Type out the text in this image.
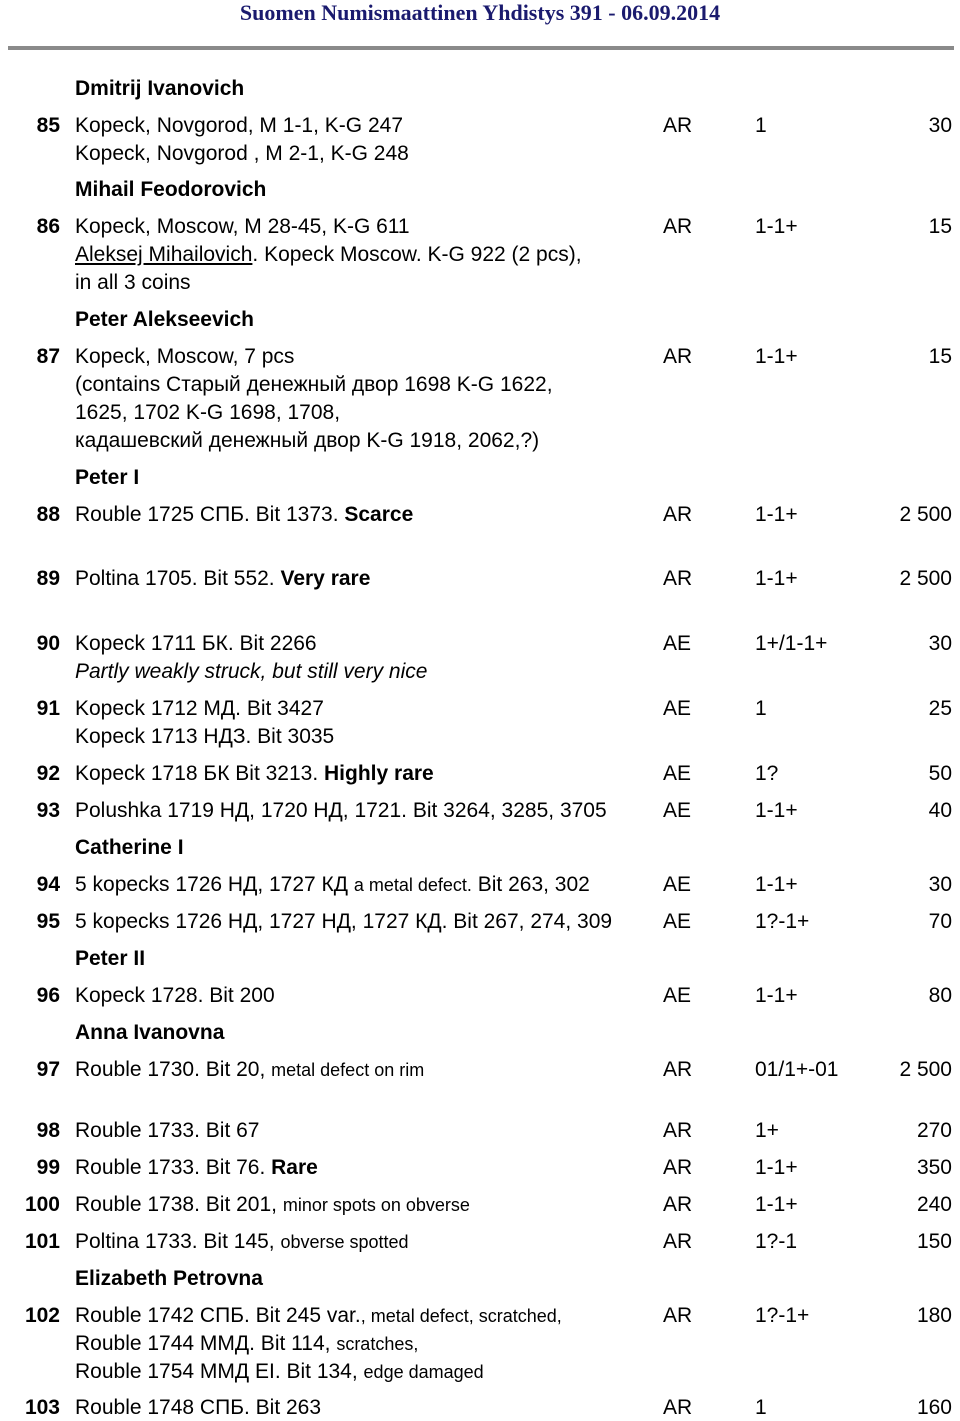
Suomen Numismaattinen Yhdistys 391 - 06.09.2014
Dmitrij Ivanovich
85 Kopeck, Novgorod, M 1-1, K-G 247	AR	1	30
Kopeck, Novgorod , M 2-1, K-G 248
Mihail Feodorovich
86 Kopeck, Moscow, M 28-45, K-G 611	AR	1-1+	15
Aleksej Mihailovich. Kopeck Moscow. K-G 922 (2 pcs),
in all 3 coins
Peter Alekseevich
87 Kopeck, Moscow, 7 pcs	AR	1-1+	15
(contains Старый денежный двор 1698 K-G 1622,
1625, 1702 K-G 1698, 1708,
кадашевский денежный двор K-G 1918, 2062,?)
Peter I
88 Rouble 1725 СПБ. Bit 1373. Scarce	AR	1-1+	2 500
89 Poltina 1705. Bit 552. Very rare	AR	1-1+	2 500
90 Kopeck 1711 БК. Bit 2266	AE	1+/1-1+	30
Partly weakly struck, but still very nice
91 Kopeck 1712 МД. Bit 3427	AE	1	25
Kopeck 1713 НДЗ. Bit 3035
92 Kopeck 1718 БК Bit 3213. Highly rare	AE	1?	50
93 Polushka 1719 НД, 1720 НД, 1721. Bit 3264, 3285, 3705	AE	1-1+	40
Catherine I
94 5 kopecks 1726 НД, 1727 КД a metal defect. Bit 263, 302	AE	1-1+	30
95 5 kopecks 1726 НД, 1727 НД, 1727 КД. Bit 267, 274, 309 AE	1?-1+	70
Peter II
96 Kopeck 1728. Bit 200	AE	1-1+	80
Anna Ivanovna
97 Rouble 1730. Bit 20, metal defect on rim	AR	01/1+-01	2 500
98 Rouble 1733. Bit 67	AR	1+	270
99 Rouble 1733. Bit 76. Rare	AR	1-1+	350
100 Rouble 1738. Bit 201, minor spots on obverse	AR	1-1+	240
101 Poltina 1733. Bit 145, obverse spotted	AR	1?-1	150
Elizabeth Petrovna
102 Rouble 1742 СПБ. Bit 245 var., metal defect, scratched,	AR	1?-1+	180
Rouble 1744 ММД. Bit 114, scratches,
Rouble 1754 ММД ЕI. Bit 134, edge damaged
103 Rouble 1748 СПБ. Bit 263	AR	1	160
